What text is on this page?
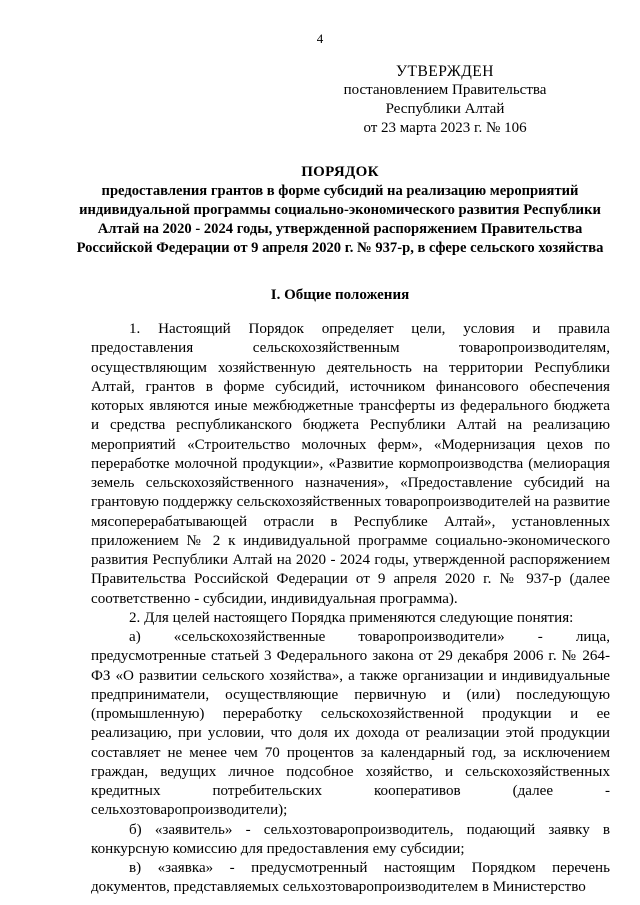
4
УТВЕРЖДЕН
постановлением Правительства
Республики Алтай
от 23 марта 2023 г. № 106
ПОРЯДОК
предоставления грантов в форме субсидий на реализацию мероприятий индивидуальной программы социально-экономического развития Республики Алтай на 2020 - 2024 годы, утвержденной распоряжением Правительства Российской Федерации от 9 апреля 2020 г. № 937-р, в сфере сельского хозяйства
I. Общие положения

1. Настоящий Порядок определяет цели, условия и правила предоставления сельскохозяйственным товаропроизводителям, осуществляющим хозяйственную деятельность на территории Республики Алтай, грантов в форме субсидий, источником финансового обеспечения которых являются иные межбюджетные трансферты из федерального бюджета и средства республиканского бюджета Республики Алтай на реализацию мероприятий «Строительство молочных ферм», «Модернизация цехов по переработке молочной продукции», «Развитие кормопроизводства (мелиорация земель сельскохозяйственного назначения», «Предоставление субсидий на грантовую поддержку сельскохозяйственных товаропроизводителей на развитие мясоперерабатывающей отрасли в Республике Алтай», установленных приложением № 2 к индивидуальной программе социально-экономического развития Республики Алтай на 2020 - 2024 годы, утвержденной распоряжением Правительства Российской Федерации от 9 апреля 2020 г. № 937-р (далее соответственно - субсидии, индивидуальная программа).

2. Для целей настоящего Порядка применяются следующие понятия:

а) «сельскохозяйственные товаропроизводители» - лица, предусмотренные статьей 3 Федерального закона от 29 декабря 2006 г. № 264-ФЗ «О развитии сельского хозяйства», а также организации и индивидуальные предприниматели, осуществляющие первичную и (или) последующую (промышленную) переработку сельскохозяйственной продукции и ее реализацию, при условии, что доля их дохода от реализации этой продукции составляет не менее чем 70 процентов за календарный год, за исключением граждан, ведущих личное подсобное хозяйство, и сельскохозяйственных кредитных потребительских кооперативов (далее - сельхозтоваропроизводители);

б) «заявитель» - сельхозтоваропроизводитель, подающий заявку в конкурсную комиссию для предоставления ему субсидии;

в) «заявка» - предусмотренный настоящим Порядком перечень документов, представляемых сельхозтоваропроизводителем в Министерство
